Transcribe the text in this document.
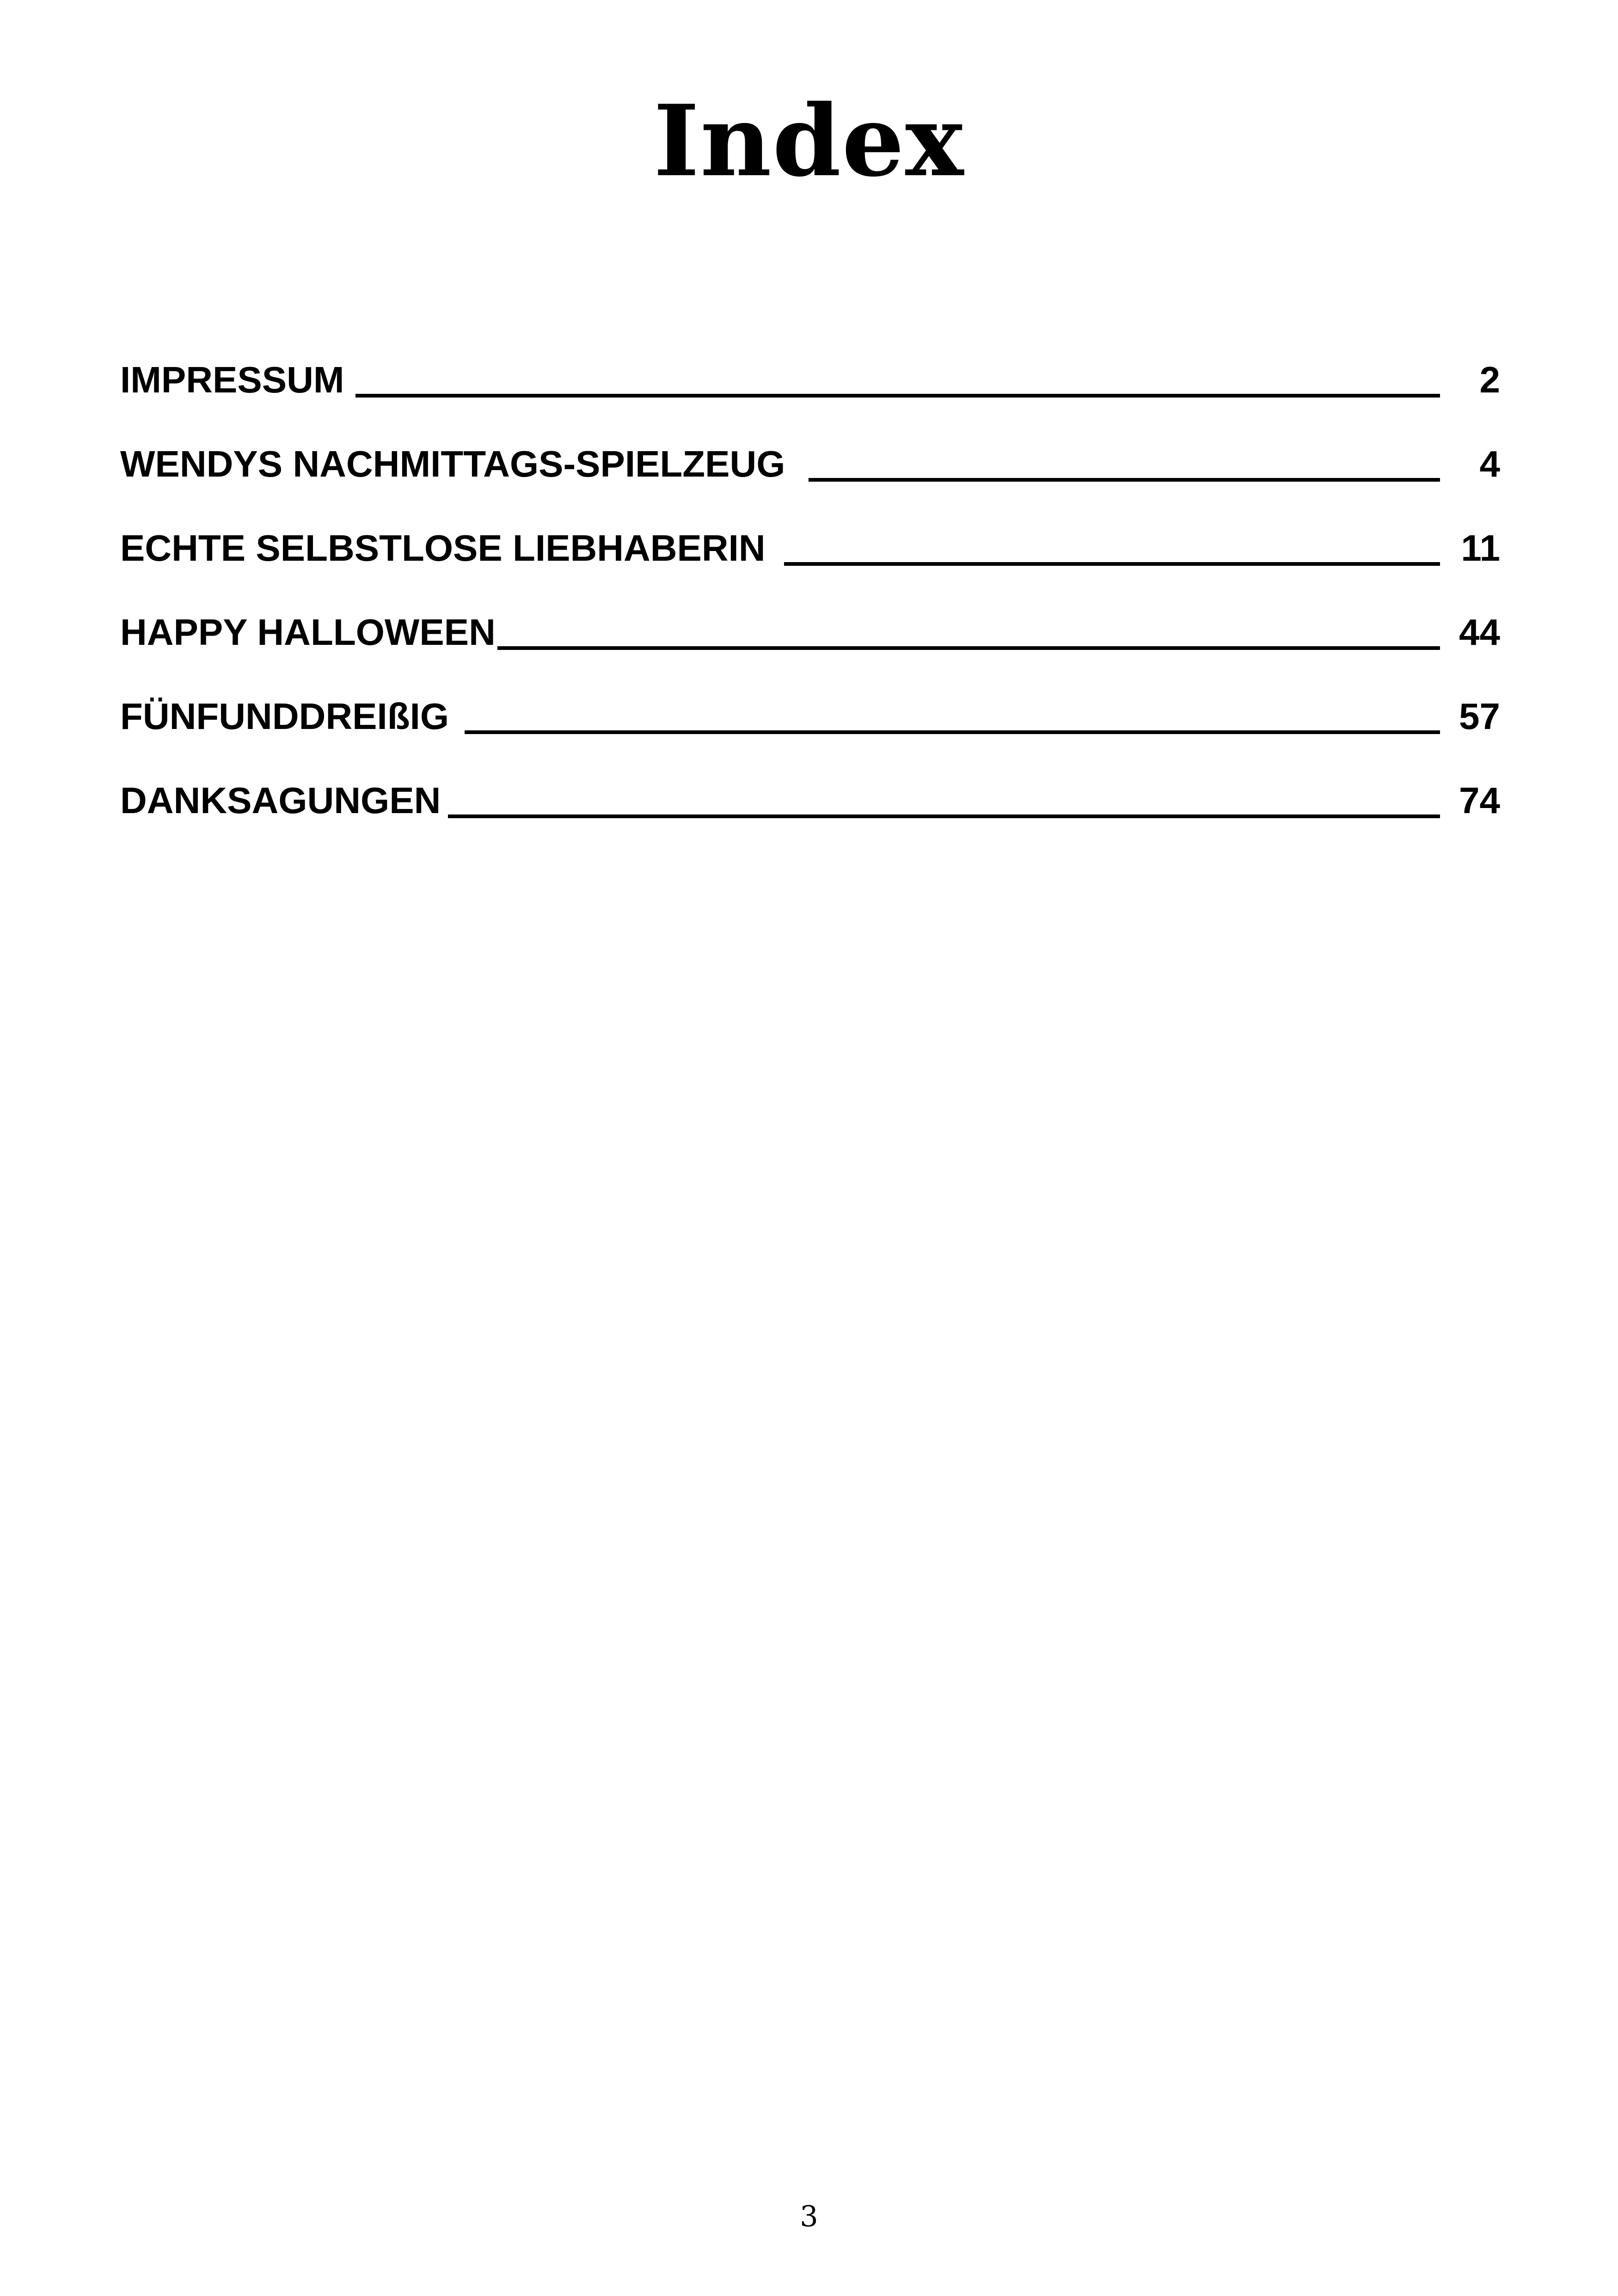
Index
IMPRESSUM	2
WENDYS NACHMITTAGS-SPIELZEUG	4
ECHTE SELBSTLOSE LIEBHABERIN	11
HAPPY HALLOWEEN	44
FÜNFUNDDREIßIG	57
DANKSAGUNGEN	74
3
